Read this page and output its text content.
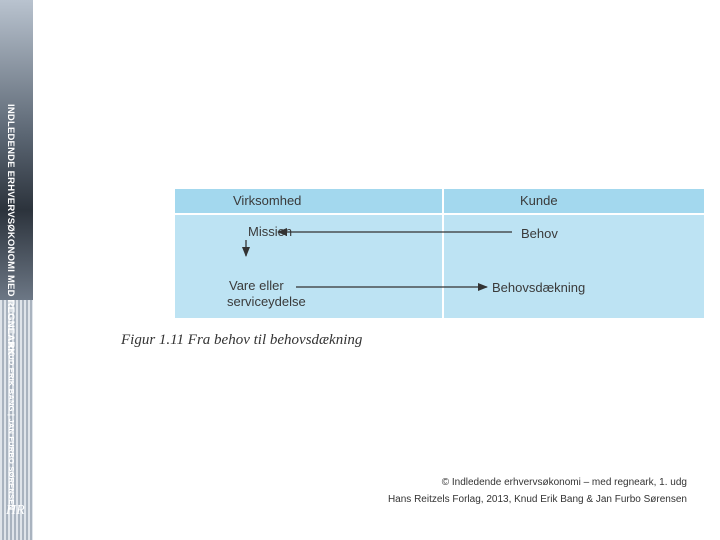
INDLEDENDE ERHVERVSØKONOMI MED REGNEARK
KNUD ERIK BANG | JAN FURBO SØRENSEN
HR
Virksomhed	Kunde
Mission	Behov
Vare eller
serviceydelse
Behovsdækning
Figur 1.11 Fra behov til behovsdækning
© Indledende erhvervsøkonomi – med regneark, 1. udg
Hans Reitzels Forlag, 2013, Knud Erik Bang & Jan Furbo Sørensen
